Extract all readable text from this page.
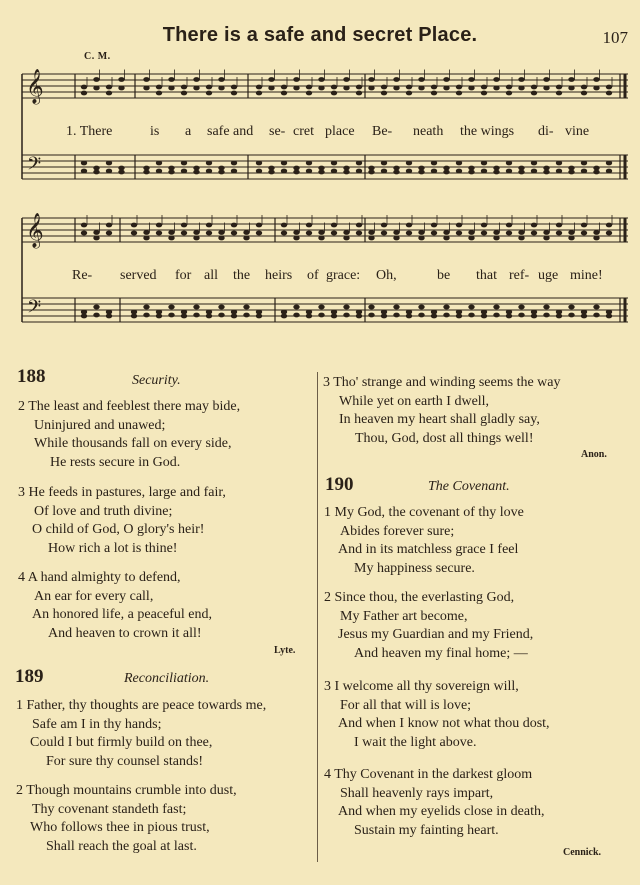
There is a safe and secret Place.	107
C. M.
𝄞
𝄢
𝄞
𝄢
1. There	is a safe and se- cret place Be- neath the wings di- vine
Re- served for all the heirs of grace: Oh,	be that ref- uge mine!
188	Security.
2 The least and feeblest there may bide,
Uninjured and unawed;
While thousands fall on every side,
He rests secure in God.
3 He feeds in pastures, large and fair,
Of love and truth divine;
O child of God, O glory's heir!
How rich a lot is thine!
4 A hand almighty to defend,
An ear for every call,
An honored life, a peaceful end,
And heaven to crown it all!
Lyte.
189	Reconciliation.
1 Father, thy thoughts are peace towards me,
Safe am I in thy hands;
Could I but firmly build on thee,
For sure thy counsel stands!
2 Though mountains crumble into dust,
Thy covenant standeth fast;
Who follows thee in pious trust,
Shall reach the goal at last.
3 Tho' strange and winding seems the way
While yet on earth I dwell,
In heaven my heart shall gladly say,
Thou, God, dost all things well!
Anon.
190	The Covenant.
1 My God, the covenant of thy love
Abides forever sure;
And in its matchless grace I feel
My happiness secure.
2 Since thou, the everlasting God,
My Father art become,
Jesus my Guardian and my Friend,
And heaven my final home; —
3 I welcome all thy sovereign will,
For all that will is love;
And when I know not what thou dost,
I wait the light above.
4 Thy Covenant in the darkest gloom
Shall heavenly rays impart,
And when my eyelids close in death,
Sustain my fainting heart.
Cennick.
